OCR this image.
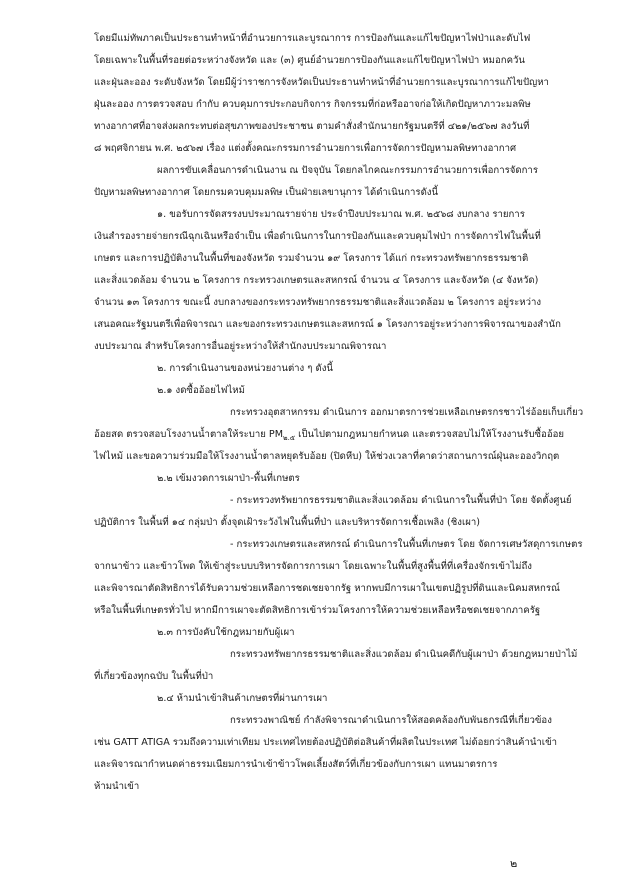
โดยมีแม่ทัพภาคเป็นประธานทำหน้าที่อำนวยการและบูรณาการ การป้องกันและแก้ไขปัญหาไฟป่าและดับไฟ
โดยเฉพาะในพื้นที่รอยต่อระหว่างจังหวัด และ (๓) ศูนย์อำนวยการป้องกันและแก้ไขปัญหาไฟป่า หมอกควัน
และฝุ่นละออง ระดับจังหวัด โดยมีผู้ว่าราชการจังหวัดเป็นประธานทำหน้าที่อำนวยการและบูรณาการแก้ไขปัญหา
ฝุ่นละออง การตรวจสอบ กำกับ ควบคุมการประกอบกิจการ กิจกรรมที่ก่อหรืออาจก่อให้เกิดปัญหาภาวะมลพิษ
ทางอากาศที่อาจส่งผลกระทบต่อสุขภาพของประชาชน ตามคำสั่งสำนักนายกรัฐมนตรีที่ ๔๒๑/๒๕๖๗ ลงวันที่
๘ พฤศจิกายน พ.ศ. ๒๕๖๗ เรื่อง แต่งตั้งคณะกรรมการอำนวยการเพื่อการจัดการปัญหามลพิษทางอากาศ
ผลการขับเคลื่อนการดำเนินงาน ณ ปัจจุบัน โดยกลไกคณะกรรมการอำนวยการเพื่อการจัดการ
ปัญหามลพิษทางอากาศ โดยกรมควบคุมมลพิษ เป็นฝ่ายเลขานุการ ได้ดำเนินการดังนี้
๑. ขอรับการจัดสรรงบประมาณรายจ่าย ประจำปีงบประมาณ พ.ศ. ๒๕๖๘ งบกลาง รายการ
เงินสำรองรายจ่ายกรณีฉุกเฉินหรือจำเป็น เพื่อดำเนินการในการป้องกันและควบคุมไฟป่า การจัดการไฟในพื้นที่
เกษตร และการปฏิบัติงานในพื้นที่ของจังหวัด รวมจำนวน ๑๙ โครงการ ได้แก่ กระทรวงทรัพยากรธรรมชาติ
และสิ่งแวดล้อม จำนวน ๒ โครงการ กระทรวงเกษตรและสหกรณ์ จำนวน ๔ โครงการ และจังหวัด (๔ จังหวัด)
จำนวน ๑๓ โครงการ ขณะนี้ งบกลางของกระทรวงทรัพยากรธรรมชาติและสิ่งแวดล้อม ๒ โครงการ อยู่ระหว่าง
เสนอคณะรัฐมนตรีเพื่อพิจารณา และของกระทรวงเกษตรและสหกรณ์ ๑ โครงการอยู่ระหว่างการพิจารณาของสำนัก
งบประมาณ สำหรับโครงการอื่นอยู่ระหว่างให้สำนักงบประมาณพิจารณา
๒. การดำเนินงานของหน่วยงานต่าง ๆ ดังนี้
๒.๑ งดซื้ออ้อยไฟไหม้
กระทรวงอุตสาหกรรม ดำเนินการ ออกมาตรการช่วยเหลือเกษตรกรชาวไร่อ้อยเก็บเกี่ยว
อ้อยสด ตรวจสอบโรงงานน้ำตาลให้ระบาย $PM_{๒.๕}$ เป็นไปตามกฎหมายกำหนด และตรวจสอบไม่ให้โรงงานรับซื้ออ้อย
ไฟไหม้ และขอความร่วมมือให้โรงงานน้ำตาลหยุดรับอ้อย (ปิดหีบ) ให้ช่วงเวลาที่คาดว่าสถานการณ์ฝุ่นละอองวิกฤต
๒.๒ เข้มงวดการเผาป่า-พื้นที่เกษตร
- กระทรวงทรัพยากรธรรมชาติและสิ่งแวดล้อม ดำเนินการในพื้นที่ป่า โดย จัดตั้งศูนย์
ปฏิบัติการ ในพื้นที่ ๑๔ กลุ่มป่า ตั้งจุดเฝ้าระวังไฟในพื้นที่ป่า และบริหารจัดการเชื้อเพลิง (ชิงเผา)
- กระทรวงเกษตรและสหกรณ์ ดำเนินการในพื้นที่เกษตร โดย จัดการเศษวัสดุการเกษตร
จากนาข้าว และข้าวโพด ให้เข้าสู่ระบบบริหารจัดการการเผา โดยเฉพาะในพื้นที่สูงพื้นที่ที่เครื่องจักรเข้าไม่ถึง
และพิจารณาตัดสิทธิการได้รับความช่วยเหลือการชดเชยจากรัฐ หากพบมีการเผาในเขตปฏิรูปที่ดินและนิคมสหกรณ์
หรือในพื้นที่เกษตรทั่วไป หากมีการเผาจะตัดสิทธิการเข้าร่วมโครงการให้ความช่วยเหลือหรือชดเชยจากภาครัฐ
๒.๓ การบังคับใช้กฎหมายกับผู้เผา
กระทรวงทรัพยากรธรรมชาติและสิ่งแวดล้อม ดำเนินคดีกับผู้เผาป่า ด้วยกฎหมายป่าไม้
ที่เกี่ยวข้องทุกฉบับ ในพื้นที่ป่า
๒.๔ ห้ามนำเข้าสินค้าเกษตรที่ผ่านการเผา
กระทรวงพาณิชย์ กำลังพิจารณาดำเนินการให้สอดคล้องกับพันธกรณีที่เกี่ยวข้อง
เช่น GATT ATIGA รวมถึงความเท่าเทียม ประเทศไทยต้องปฏิบัติต่อสินค้าที่ผลิตในประเทศ ไม่ด้อยกว่าสินค้านำเข้า
และพิจารณากำหนดค่าธรรมเนียมการนำเข้าข้าวโพดเลี้ยงสัตว์ที่เกี่ยวข้องกับการเผา แทนมาตรการ
ห้ามนำเข้า
๒
